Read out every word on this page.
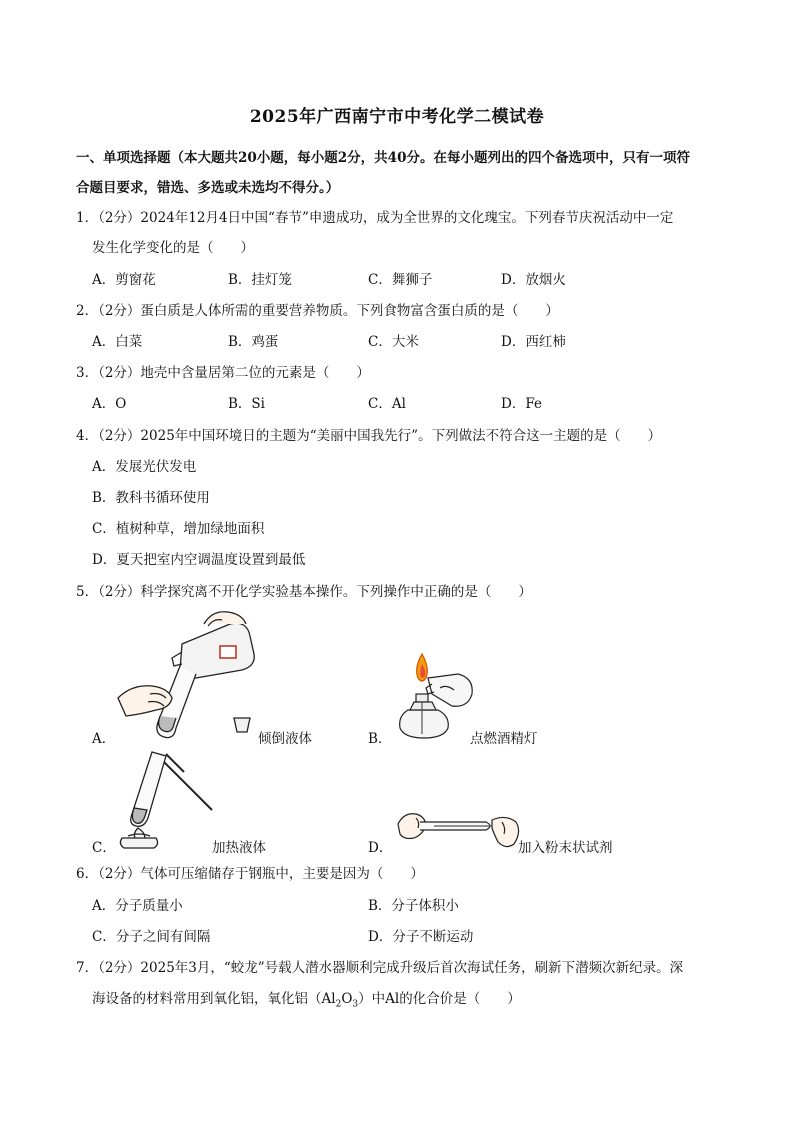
2025年广西南宁市中考化学二模试卷
一、单项选择题（本大题共20小题，每小题2分，共40分。在每小题列出的四个备选项中，只有一项符
合题目要求，错选、多选或未选均不得分。）
1．（2分）2024年12月4日中国“春节”申遗成功，成为全世界的文化瑰宝。下列春节庆祝活动中一定
发生化学变化的是（　　）
A．剪窗花	B．挂灯笼	C．舞狮子	D．放烟火
2．（2分）蛋白质是人体所需的重要营养物质。下列食物富含蛋白质的是（　　）
A．白菜	B．鸡蛋	C．大米	D．西红柿
3．（2分）地壳中含量居第二位的元素是（　　）
A．O	B．Si	C．Al	D．Fe
4．（2分）2025年中国环境日的主题为“美丽中国我先行”。下列做法不符合这一主题的是（　　）
A．发展光伏发电
B．教科书循环使用
C．植树种草，增加绿地面积
D．夏天把室内空调温度设置到最低
5．（2分）科学探究离不开化学实验基本操作。下列操作中正确的是（　　）
A．	倾倒液体	B．	点燃酒精灯
C．	加热液体	D．	加入粉末状试剂
6．（2分）气体可压缩储存于钢瓶中，主要是因为（　　）
A．分子质量小	B．分子体积小
C．分子之间有间隔	D．分子不断运动
7．（2分）2025年3月，“蛟龙”号载人潜水器顺利完成升级后首次海试任务，刷新下潜频次新纪录。深
海设备的材料常用到氧化铝，氧化铝$(Al_2O_3)$中Al的化合价是（　　）
